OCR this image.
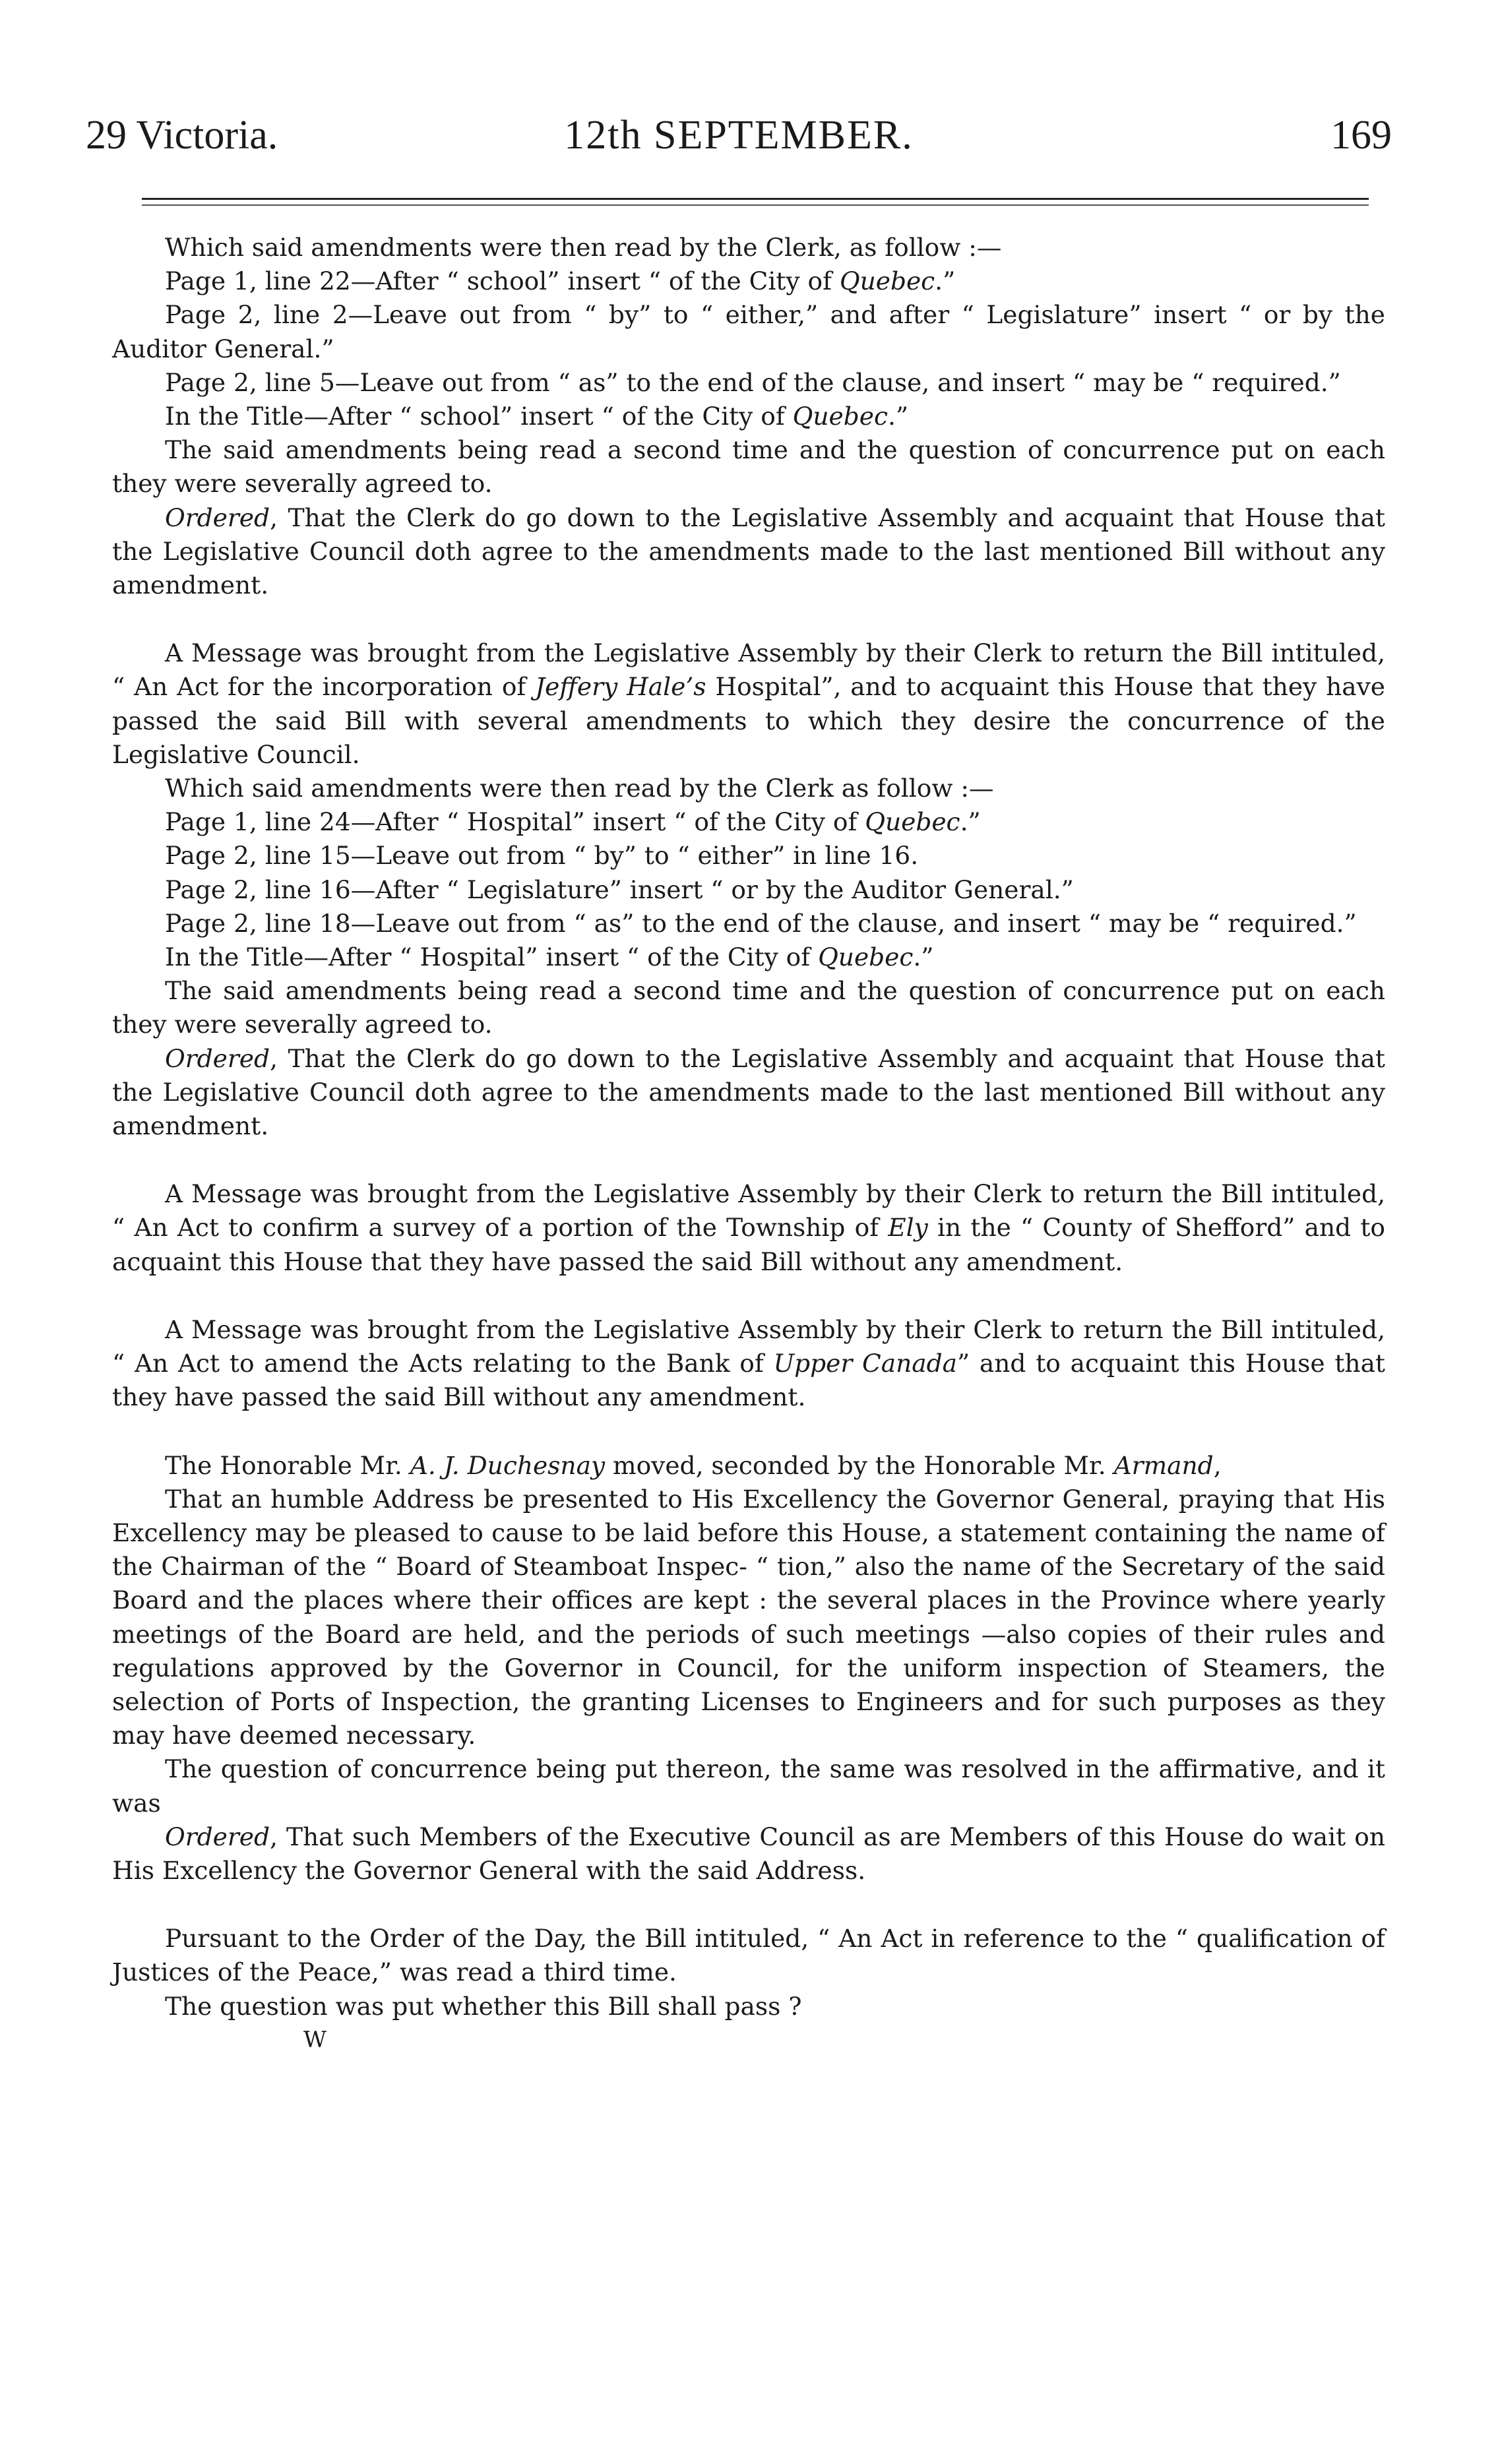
29 Victoria.	12th SEPTEMBER.	169

Which said amendments were then read by the Clerk, as follow :—

Page 1, line 22—After “ school” insert “ of the City of Quebec.”

Page 2, line 2—Leave out from “ by” to “ either,” and after “ Legislature” insert “ or by the Auditor General.”

Page 2, line 5—Leave out from “ as” to the end of the clause, and insert “ may be “ required.”

In the Title—After “ school” insert “ of the City of Quebec.”

The said amendments being read a second time and the question of concurrence put on each they were severally agreed to.

Ordered, That the Clerk do go down to the Legislative Assembly and acquaint that House that the Legislative Council doth agree to the amendments made to the last mentioned Bill without any amendment.

A Message was brought from the Legislative Assembly by their Clerk to return the Bill intituled, “ An Act for the incorporation of Jeffery Hale’s Hospital”, and to acquaint this House that they have passed the said Bill with several amendments to which they desire the concurrence of the Legislative Council.

Which said amendments were then read by the Clerk as follow :—

Page 1, line 24—After “ Hospital” insert “ of the City of Quebec.”

Page 2, line 15—Leave out from “ by” to “ either” in line 16.

Page 2, line 16—After “ Legislature” insert “ or by the Auditor General.”

Page 2, line 18—Leave out from “ as” to the end of the clause, and insert “ may be “ required.”

In the Title—After “ Hospital” insert “ of the City of Quebec.”

The said amendments being read a second time and the question of concurrence put on each they were severally agreed to.

Ordered, That the Clerk do go down to the Legislative Assembly and acquaint that House that the Legislative Council doth agree to the amendments made to the last mentioned Bill without any amendment.

A Message was brought from the Legislative Assembly by their Clerk to return the Bill intituled, “ An Act to confirm a survey of a portion of the Township of Ely in the “ County of Shefford” and to acquaint this House that they have passed the said Bill without any amendment.

A Message was brought from the Legislative Assembly by their Clerk to return the Bill intituled, “ An Act to amend the Acts relating to the Bank of Upper Canada” and to acquaint this House that they have passed the said Bill without any amendment.

The Honorable Mr. A. J. Duchesnay moved, seconded by the Honorable Mr. Armand,

That an humble Address be presented to His Excellency the Governor General, praying that His Excellency may be pleased to cause to be laid before this House, a statement containing the name of the Chairman of the “ Board of Steamboat Inspec- “ tion,” also the name of the Secretary of the said Board and the places where their offices are kept : the several places in the Province where yearly meetings of the Board are held, and the periods of such meetings —also copies of their rules and regulations approved by the Governor in Council, for the uniform inspection of Steamers, the selection of Ports of Inspection, the granting Licenses to Engineers and for such purposes as they may have deemed necessary.

The question of concurrence being put thereon, the same was resolved in the affirmative, and it was

Ordered, That such Members of the Executive Council as are Members of this House do wait on His Excellency the Governor General with the said Address.

Pursuant to the Order of the Day, the Bill intituled, “ An Act in reference to the “ qualification of Justices of the Peace,” was read a third time.

The question was put whether this Bill shall pass ?

W
